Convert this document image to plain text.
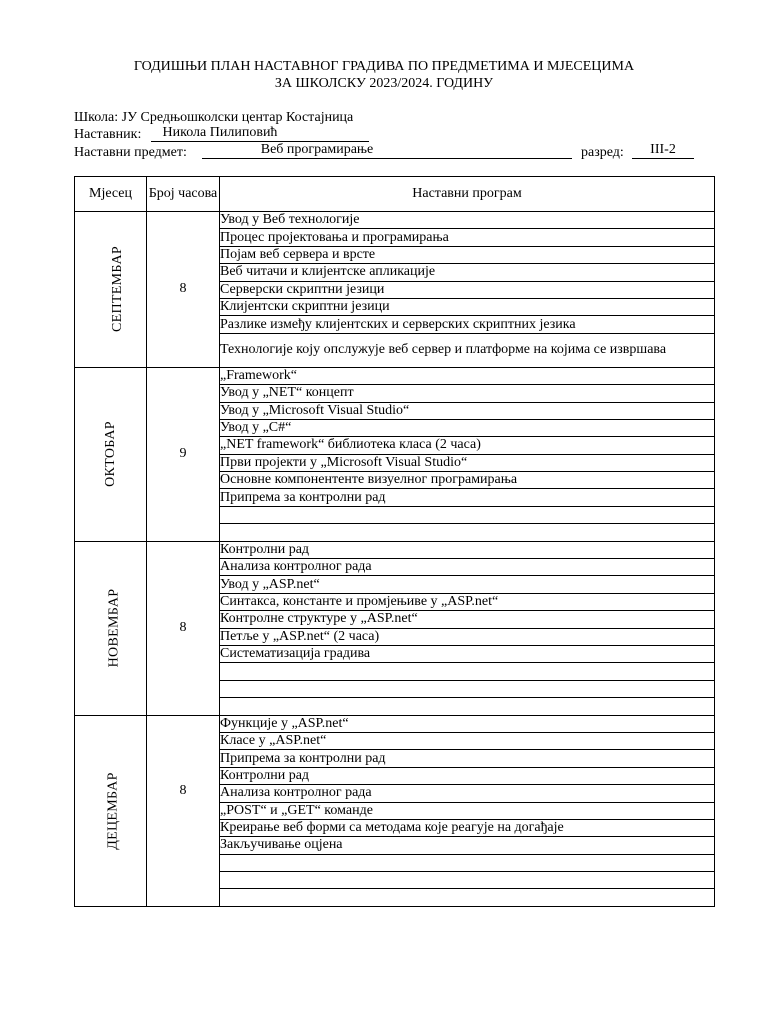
ГОДИШЊИ ПЛАН НАСТАВНОГ ГРАДИВА ПО ПРЕДМЕТИМА И МЈЕСЕЦИМА
ЗА ШКОЛСКУ 2023/2024. ГОДИНУ
Школа: ЈУ Средњошколски центар Костајница
Наставник:	Никола Пилиповић
Наставни предмет:	Веб програмирање	разред:	III-2
Мјесец	Број часова	Наставни програм
СЕПТЕМБАР	8	Увод у Веб технологије
		Процес пројектовања и програмирања
		Појам веб сервера и врсте
		Веб читачи и клијентске апликације
		Серверски скриптни језици
		Клијентски скриптни језици
		Разлике између клијентских и серверских скриптних језика
		Технологије коју опслужује веб сервер и платформе на којима се извршава
ОКТОБАР	9	„Framework“
		Увод у „NET“ концепт
		Увод у „Microsoft Visual Studio“
		Увод у „C#“
		„NET framework“ библиотека класа (2 часа)
		Први пројекти у „Microsoft Visual Studio“
		Основне компонентенте визуелног програмирања
		Припрема за контролни рад

НОВЕМБАР	8	Контролни рад
		Анализа контролног рада
		Увод у „ASP.net“
		Синтакса, константе и промјењиве у „ASP.net“
		Контролне структуре у „ASP.net“
		Петље у „ASP.net“ (2 часа)
		Систематизација градива

ДЕЦЕМБАР	8	Функције у „ASP.net“
		Класе у „ASP.net“
		Припрема за контролни рад
		Контролни рад
		Анализа контролног рада
		„POST“ и „GET“ команде
		Креирање веб форми са методама које реагује на догађаје
		Закључивање оцјена
